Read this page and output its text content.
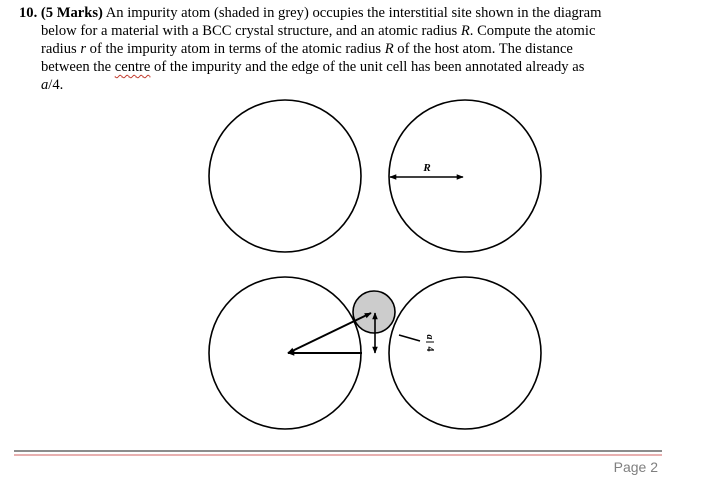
10. (5 Marks) An impurity atom (shaded in grey) occupies the interstitial site shown in the diagram

below for a material with a BCC crystal structure, and an atomic radius R. Compute the atomic

radius r of the impurity atom in terms of the atomic radius R of the host atom. The distance

between the centre of the impurity and the edge of the unit cell has been annotated already as

a/4.

R
a
4
Page 2
